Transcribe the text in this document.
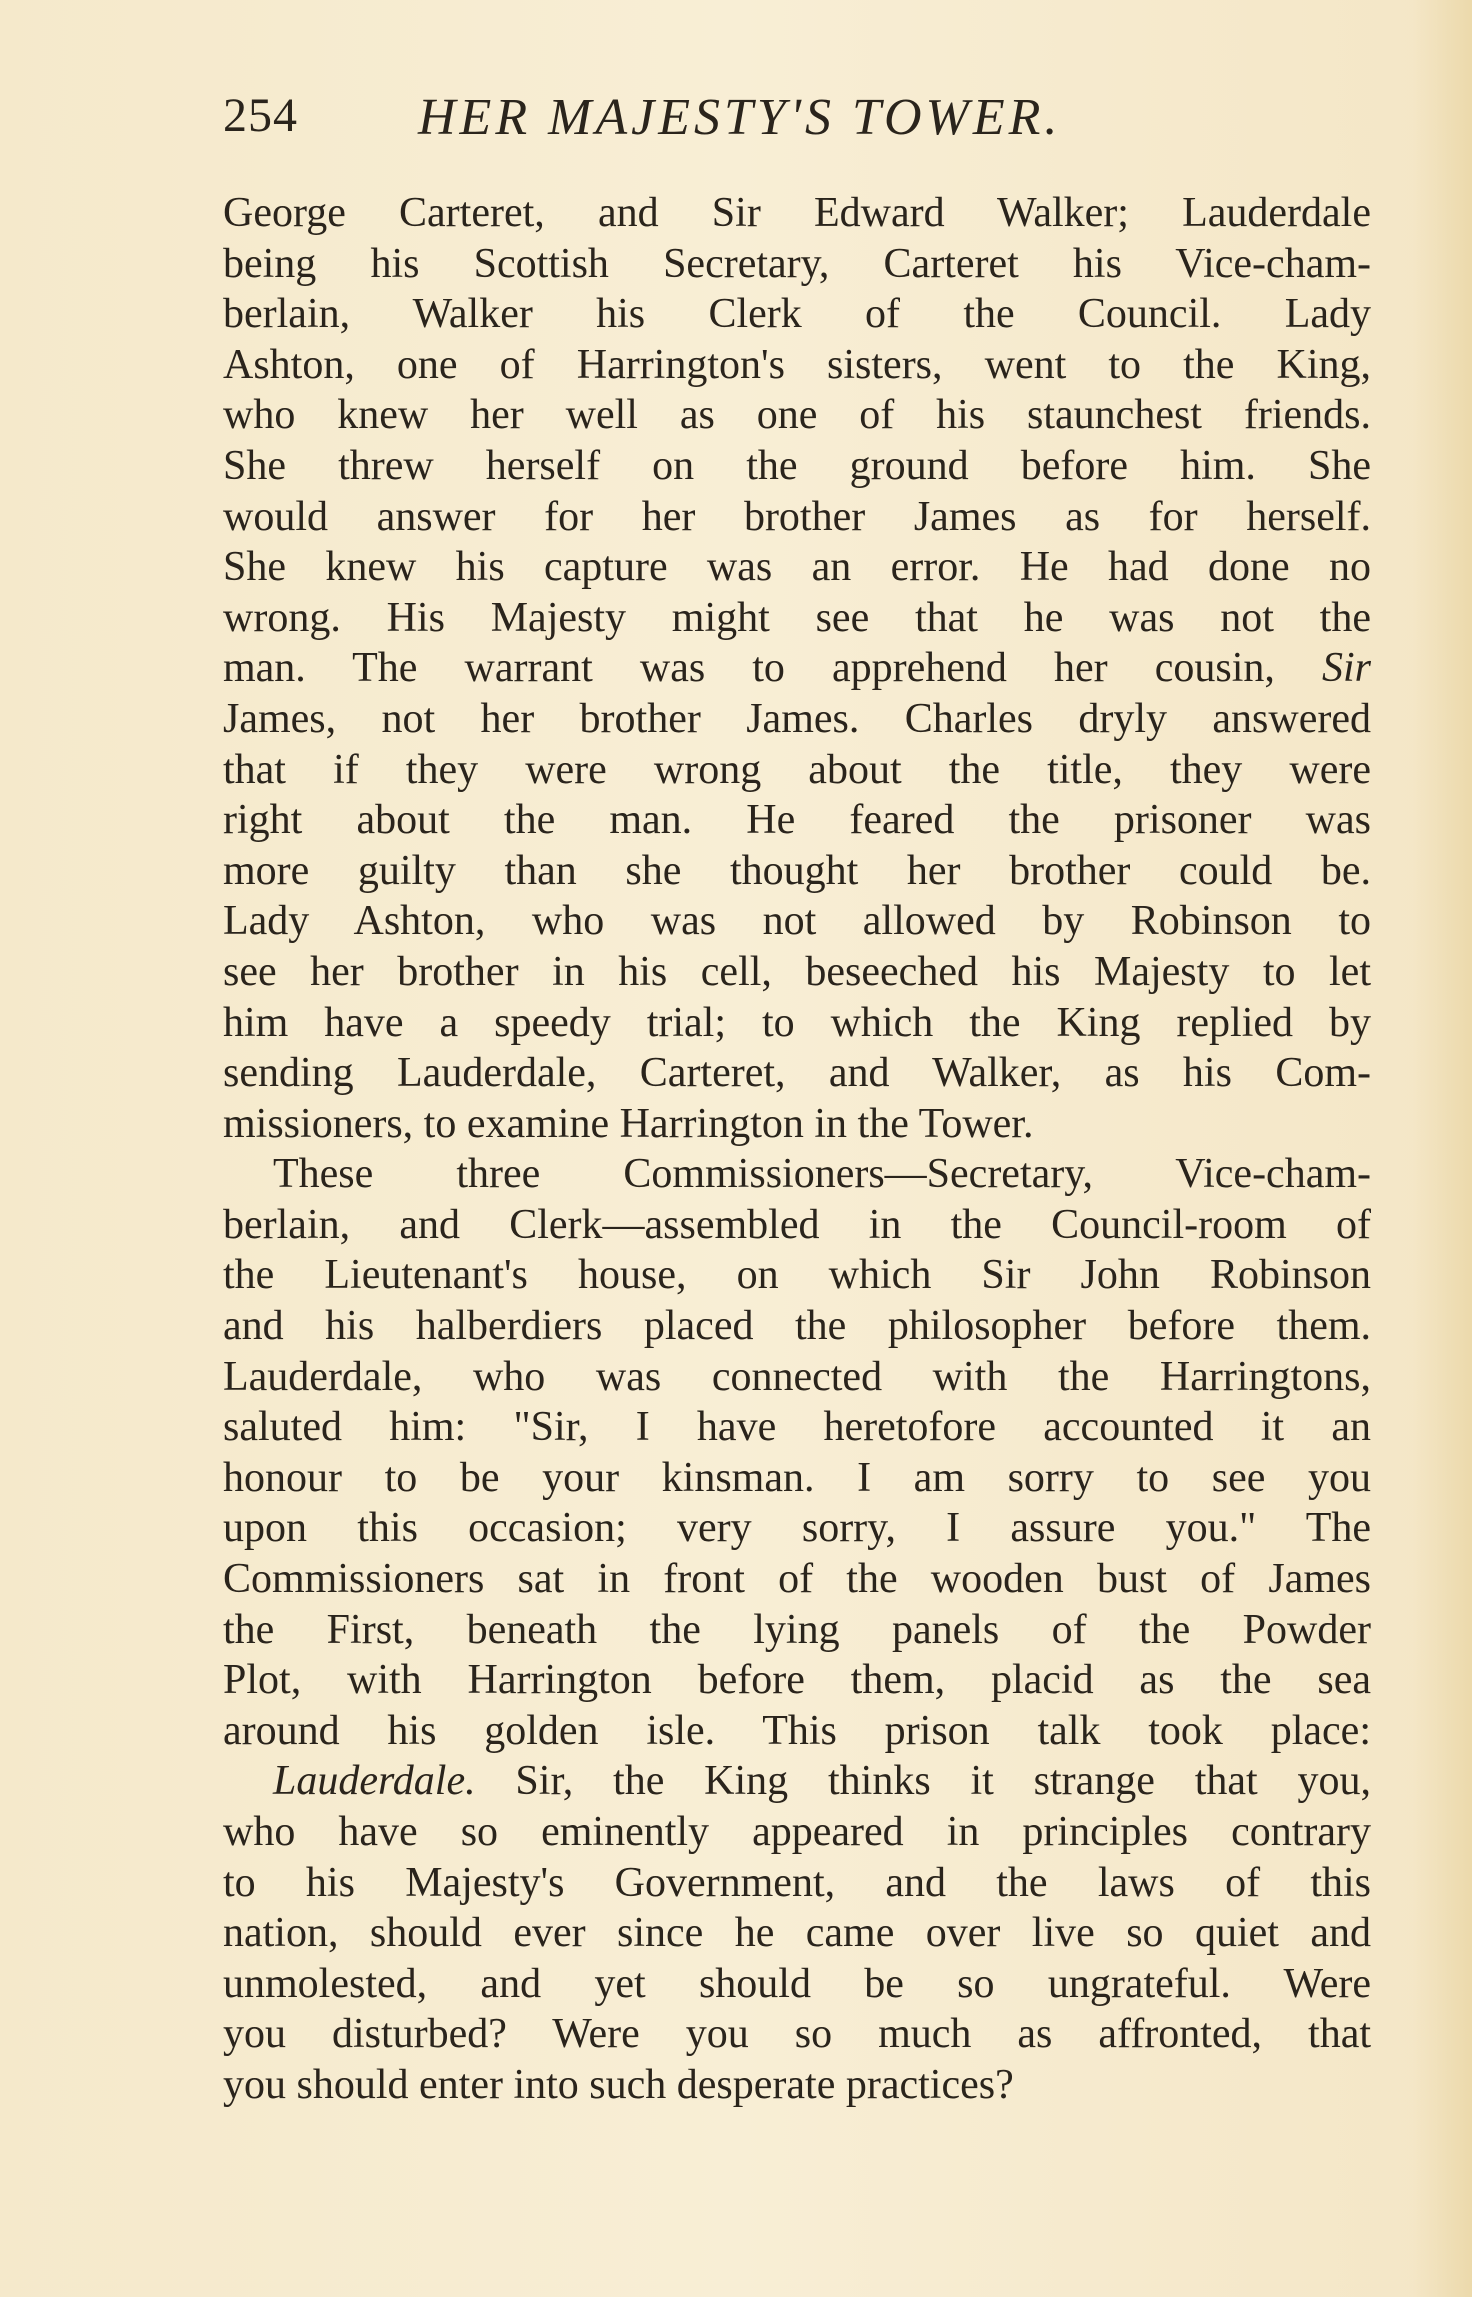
254 HER MAJESTY'S TOWER.
George Carteret, and Sir Edward Walker; Lauderdale
being his Scottish Secretary, Carteret his Vice-cham-
berlain, Walker his Clerk of the Council. Lady
Ashton, one of Harrington's sisters, went to the King,
who knew her well as one of his staunchest friends.
She threw herself on the ground before him. She
would answer for her brother James as for herself.
She knew his capture was an error. He had done no
wrong. His Majesty might see that he was not the
man. The warrant was to apprehend her cousin, Sir
James, not her brother James. Charles dryly answered
that if they were wrong about the title, they were
right about the man. He feared the prisoner was
more guilty than she thought her brother could be.
Lady Ashton, who was not allowed by Robinson to
see her brother in his cell, beseeched his Majesty to let
him have a speedy trial; to which the King replied by
sending Lauderdale, Carteret, and Walker, as his Com-
missioners, to examine Harrington in the Tower.
These three Commissioners—Secretary, Vice-cham-
berlain, and Clerk—assembled in the Council-room of
the Lieutenant's house, on which Sir John Robinson
and his halberdiers placed the philosopher before them.
Lauderdale, who was connected with the Harringtons,
saluted him: "Sir, I have heretofore accounted it an
honour to be your kinsman. I am sorry to see you
upon this occasion; very sorry, I assure you." The
Commissioners sat in front of the wooden bust of James
the First, beneath the lying panels of the Powder
Plot, with Harrington before them, placid as the sea
around his golden isle. This prison talk took place:
Lauderdale. Sir, the King thinks it strange that you,
who have so eminently appeared in principles contrary
to his Majesty's Government, and the laws of this
nation, should ever since he came over live so quiet and
unmolested, and yet should be so ungrateful. Were
you disturbed? Were you so much as affronted, that
you should enter into such desperate practices?
